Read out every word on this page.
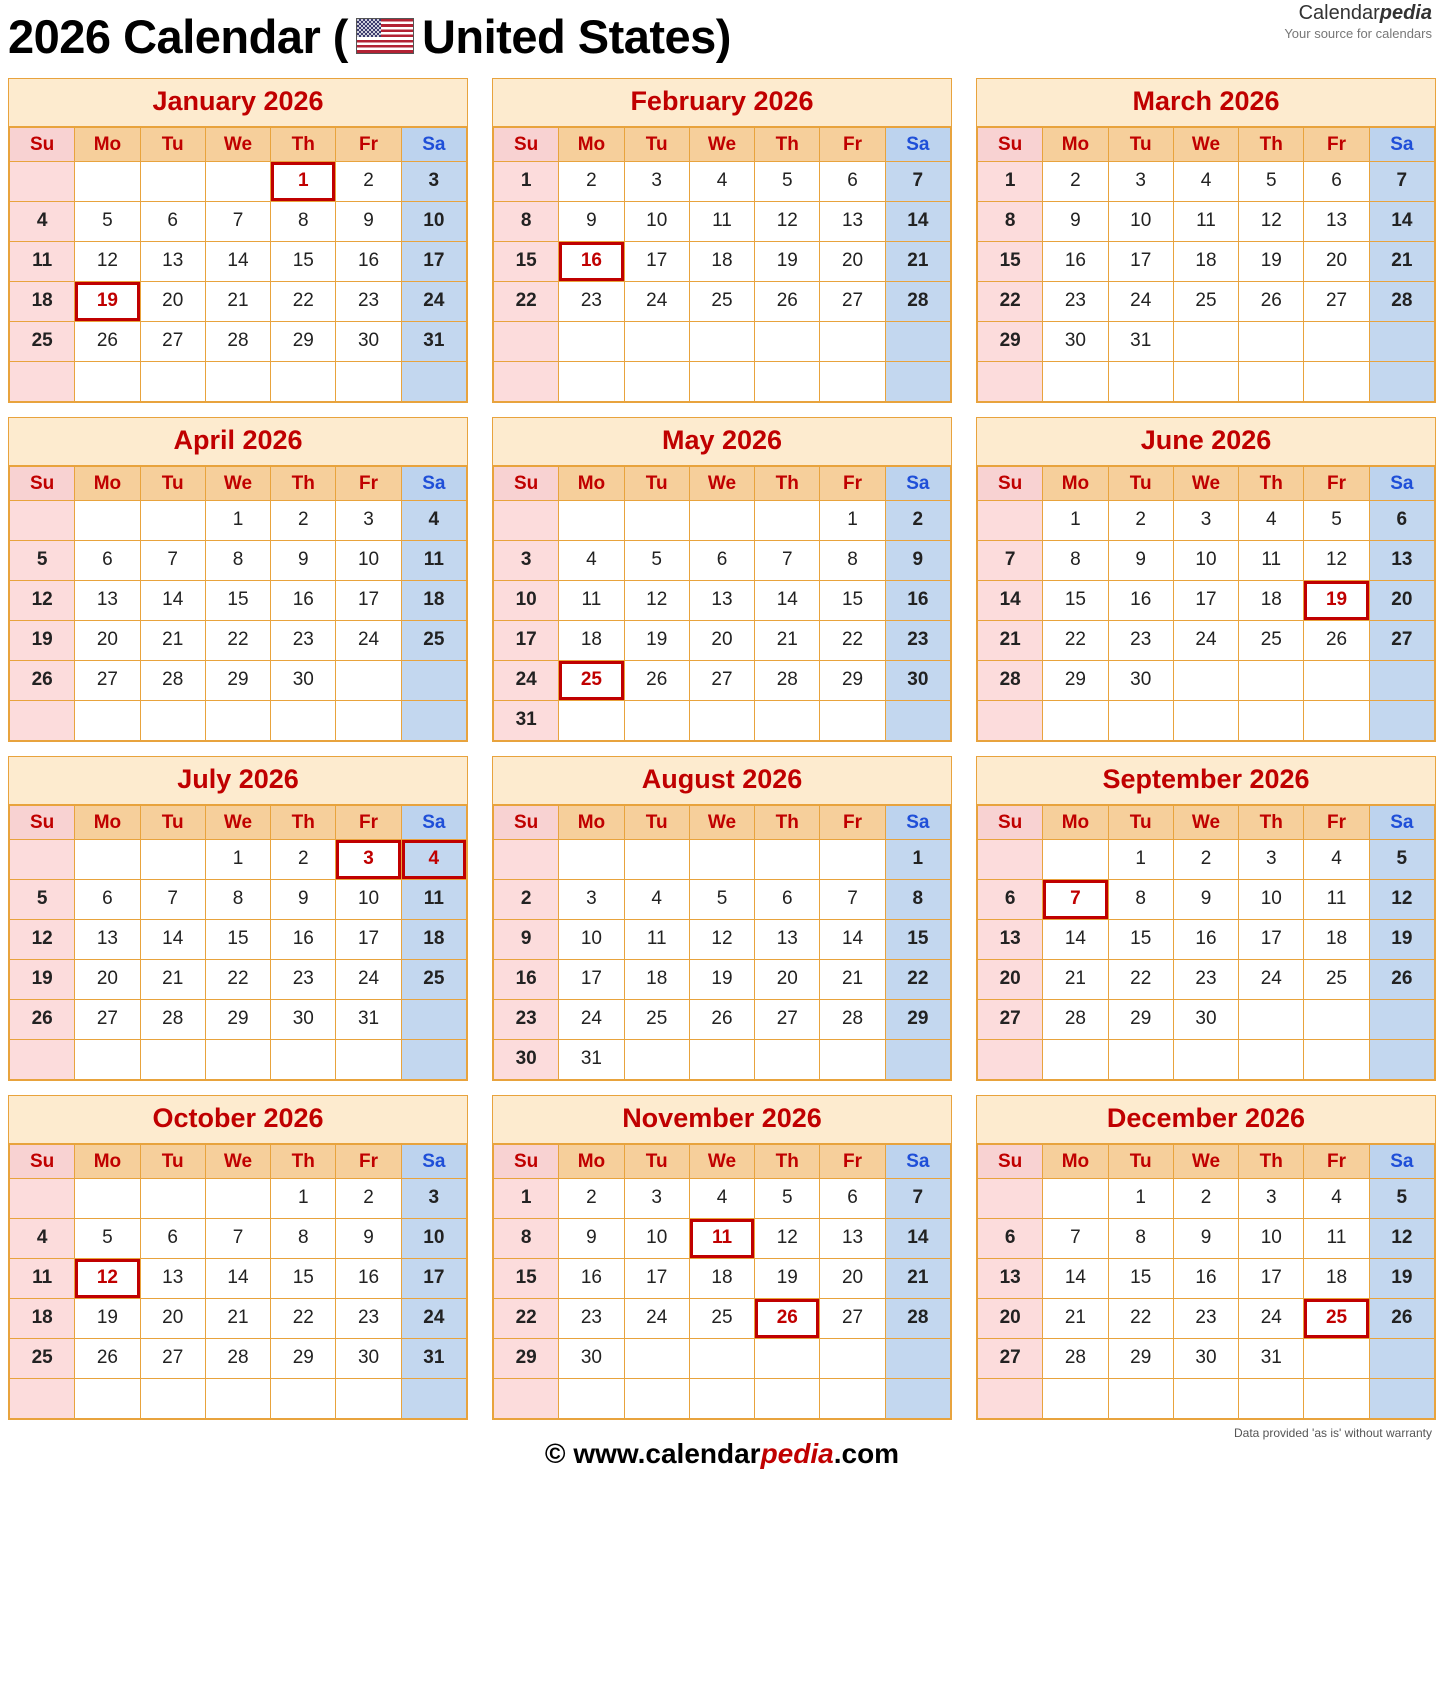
2026 Calendar ( United States )	Calendarpedia
Your source for calendars
January 2026
Su	Mo	Tu	We	Th	Fr	Sa

				1	2	3

4	5	6	7	8	9	10

11	12	13	14	15	16	17

18	19	20	21	22	23	24

25	26	27	28	29	30	31

February 2026
Su	Mo	Tu	We	Th	Fr	Sa

1	2	3	4	5	6	7

8	9	10	11	12	13	14

15	16	17	18	19	20	21

22	23	24	25	26	27	28

March 2026
Su	Mo	Tu	We	Th	Fr	Sa

1	2	3	4	5	6	7

8	9	10	11	12	13	14

15	16	17	18	19	20	21

22	23	24	25	26	27	28

29	30	31				

April 2026
Su	Mo	Tu	We	Th	Fr	Sa

			1	2	3	4

5	6	7	8	9	10	11

12	13	14	15	16	17	18

19	20	21	22	23	24	25

26	27	28	29	30		

May 2026
Su	Mo	Tu	We	Th	Fr	Sa

					1	2

3	4	5	6	7	8	9

10	11	12	13	14	15	16

17	18	19	20	21	22	23

24	25	26	27	28	29	30

31						

June 2026
Su	Mo	Tu	We	Th	Fr	Sa

	1	2	3	4	5	6

7	8	9	10	11	12	13

14	15	16	17	18	19	20

21	22	23	24	25	26	27

28	29	30				

July 2026
Su	Mo	Tu	We	Th	Fr	Sa

			1	2	3	4

5	6	7	8	9	10	11

12	13	14	15	16	17	18

19	20	21	22	23	24	25

26	27	28	29	30	31	

August 2026
Su	Mo	Tu	We	Th	Fr	Sa

						1

2	3	4	5	6	7	8

9	10	11	12	13	14	15

16	17	18	19	20	21	22

23	24	25	26	27	28	29

30	31					

September 2026
Su	Mo	Tu	We	Th	Fr	Sa

		1	2	3	4	5

6	7	8	9	10	11	12

13	14	15	16	17	18	19

20	21	22	23	24	25	26

27	28	29	30			

October 2026
Su	Mo	Tu	We	Th	Fr	Sa

				1	2	3

4	5	6	7	8	9	10

11	12	13	14	15	16	17

18	19	20	21	22	23	24

25	26	27	28	29	30	31

November 2026
Su	Mo	Tu	We	Th	Fr	Sa

1	2	3	4	5	6	7

8	9	10	11	12	13	14

15	16	17	18	19	20	21

22	23	24	25	26	27	28

29	30					

December 2026
Su	Mo	Tu	We	Th	Fr	Sa

		1	2	3	4	5

6	7	8	9	10	11	12

13	14	15	16	17	18	19

20	21	22	23	24	25	26

27	28	29	30	31		

Data provided 'as is' without warranty
© www.calendarpedia.com
